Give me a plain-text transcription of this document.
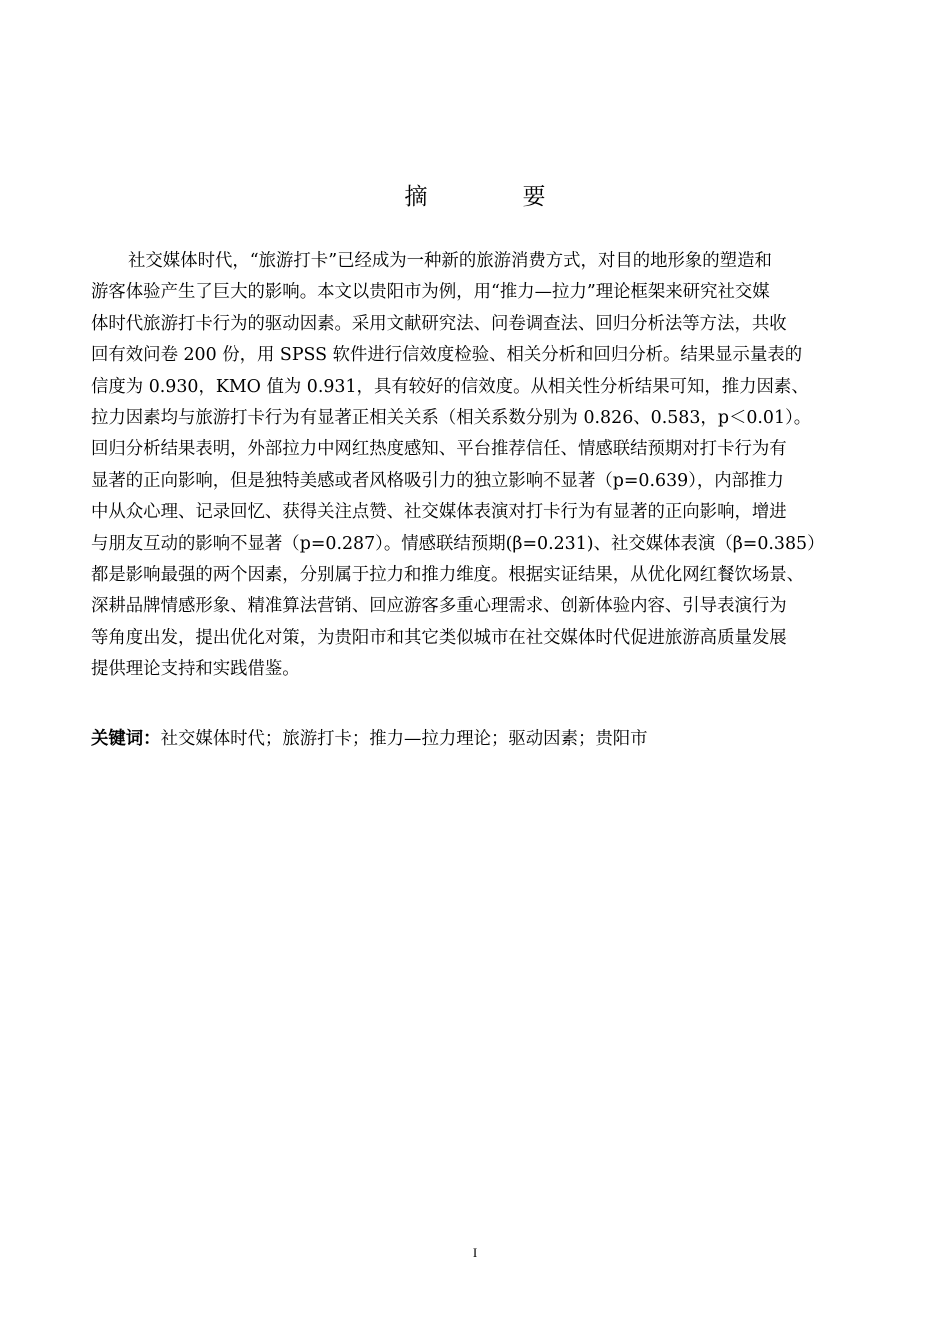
摘　要
社交媒体时代，“旅游打卡”已经成为一种新的旅游消费方式，对目的地形象的塑造和
游客体验产生了巨大的影响。本文以贵阳市为例，用“推力—拉力”理论框架来研究社交媒
体时代旅游打卡行为的驱动因素。采用文献研究法、问卷调查法、回归分析法等方法，共收
回有效问卷 200 份，用 SPSS 软件进行信效度检验、相关分析和回归分析。结果显示量表的
信度为 0.930，KMO 值为 0.931，具有较好的信效度。从相关性分析结果可知，推力因素、
拉力因素均与旅游打卡行为有显著正相关关系（相关系数分别为 0.826、0.583，p＜0.01）。
回归分析结果表明，外部拉力中网红热度感知、平台推荐信任、情感联结预期对打卡行为有
显著的正向影响，但是独特美感或者风格吸引力的独立影响不显著（p=0.639），内部推力
中从众心理、记录回忆、获得关注点赞、社交媒体表演对打卡行为有显著的正向影响，增进
与朋友互动的影响不显著（p=0.287）。情感联结预期(β=0.231)、社交媒体表演（β=0.385）
都是影响最强的两个因素，分别属于拉力和推力维度。根据实证结果，从优化网红餐饮场景、
深耕品牌情感形象、精准算法营销、回应游客多重心理需求、创新体验内容、引导表演行为
等角度出发，提出优化对策，为贵阳市和其它类似城市在社交媒体时代促进旅游高质量发展
提供理论支持和实践借鉴。
关键词：社交媒体时代；旅游打卡；推力—拉力理论；驱动因素；贵阳市
I
